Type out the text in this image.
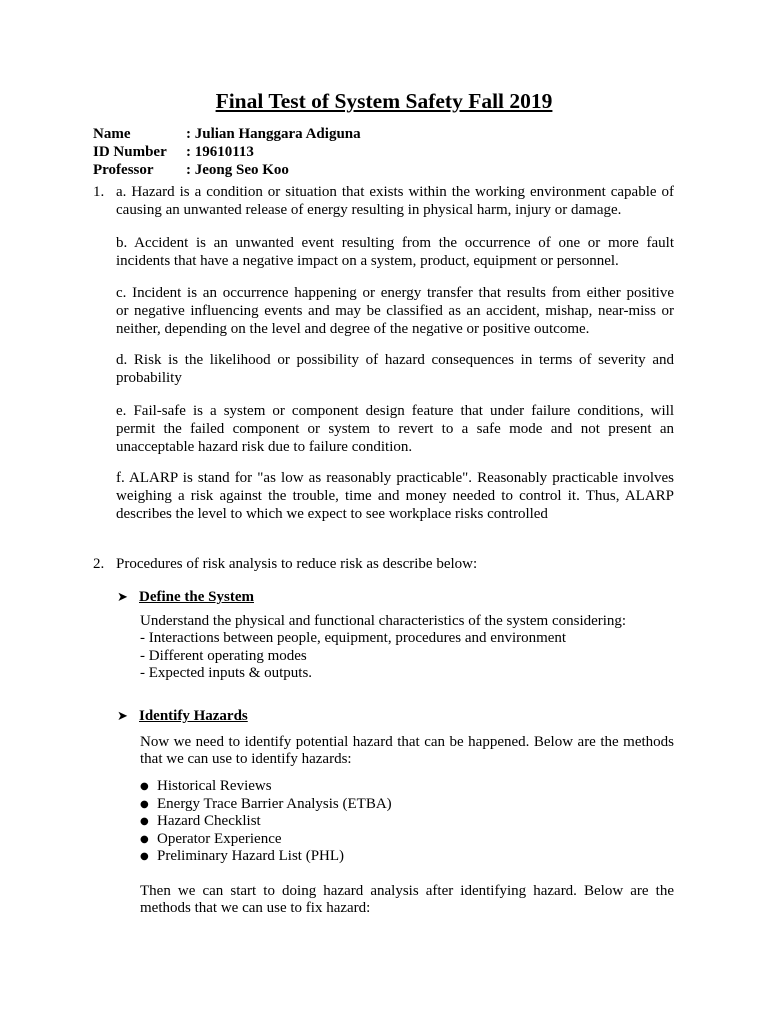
Final Test of System Safety Fall 2019
Name	: Julian Hanggara Adiguna
ID Number : 19610113
Professor : Jeong Seo Koo
1. a. Hazard is a condition or situation that exists within the working environment capable of
causing an unwanted release of energy resulting in physical harm, injury or damage.
b. Accident is an unwanted event resulting from the occurrence of one or more fault
incidents that have a negative impact on a system, product, equipment or personnel.
c. Incident is an occurrence happening or energy transfer that results from either positive
or negative influencing events and may be classified as an accident, mishap, near-miss or
neither, depending on the level and degree of the negative or positive outcome.
d. Risk is the likelihood or possibility of hazard consequences in terms of severity and
probability
e. Fail-safe is a system or component design feature that under failure conditions, will
permit the failed component or system to revert to a safe mode and not present an
unacceptable hazard risk due to failure condition.
f. ALARP is stand for "as low as reasonably practicable". Reasonably practicable involves
weighing a risk against the trouble, time and money needed to control it. Thus, ALARP
describes the level to which we expect to see workplace risks controlled
2. Procedures of risk analysis to reduce risk as describe below:
➤ Define the System
Understand the physical and functional characteristics of the system considering:
- Interactions between people, equipment, procedures and environment
- Different operating modes
- Expected inputs & outputs.
➤ Identify Hazards
Now we need to identify potential hazard that can be happened. Below are the methods
that we can use to identify hazards:
● Historical Reviews
● Energy Trace Barrier Analysis (ETBA)
● Hazard Checklist
● Operator Experience
● Preliminary Hazard List (PHL)
Then we can start to doing hazard analysis after identifying hazard. Below are the
methods that we can use to fix hazard:
